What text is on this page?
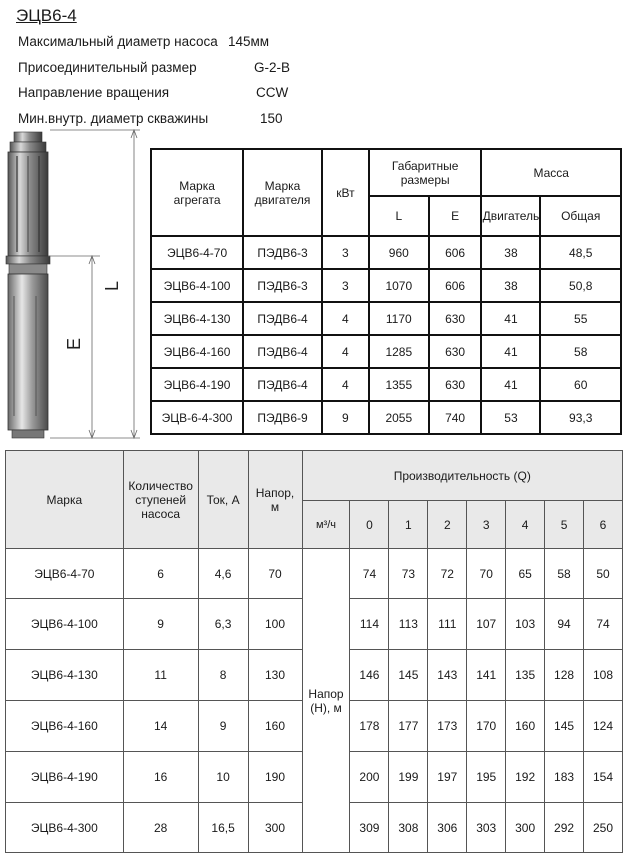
ЭЦВ6-4
Максимальный диаметр насоса 145мм
Присоединительный размер	G-2-B
Направление вращения	CCW
Мин.внутр. диаметр скважины	150
L
E
Марка агрегата	Марка двигателя	кВт	Габаритные размеры		Масса	
			L	E	Двигатель	Общая
ЭЦВ6-4-70	ПЭДВ6-3	3	960	606	38	48,5
ЭЦВ6-4-100	ПЭДВ6-3	3	1070	606	38	50,8
ЭЦВ6-4-130	ПЭДВ6-4	4	1170	630	41	55
ЭЦВ6-4-160	ПЭДВ6-4	4	1285	630	41	58
ЭЦВ6-4-190	ПЭДВ6-4	4	1355	630	41	60
ЭЦВ-6-4-300	ПЭДВ6-9	9	2055	740	53	93,3
Марка	Количество ступеней насоса	Ток, А	Напор, м	Производительность (Q)							
				м³/ч	0	1	2	3	4	5	6
ЭЦВ6-4-70	6	4,6	70	Напор (Н), м	74	73	72	70	65	58	50
ЭЦВ6-4-100	9	6,3	100		114	113	111	107	103	94	74
ЭЦВ6-4-130	11	8	130		146	145	143	141	135	128	108
ЭЦВ6-4-160	14	9	160		178	177	173	170	160	145	124
ЭЦВ6-4-190	16	10	190		200	199	197	195	192	183	154
ЭЦВ6-4-300	28	16,5	300		309	308	306	303	300	292	250
